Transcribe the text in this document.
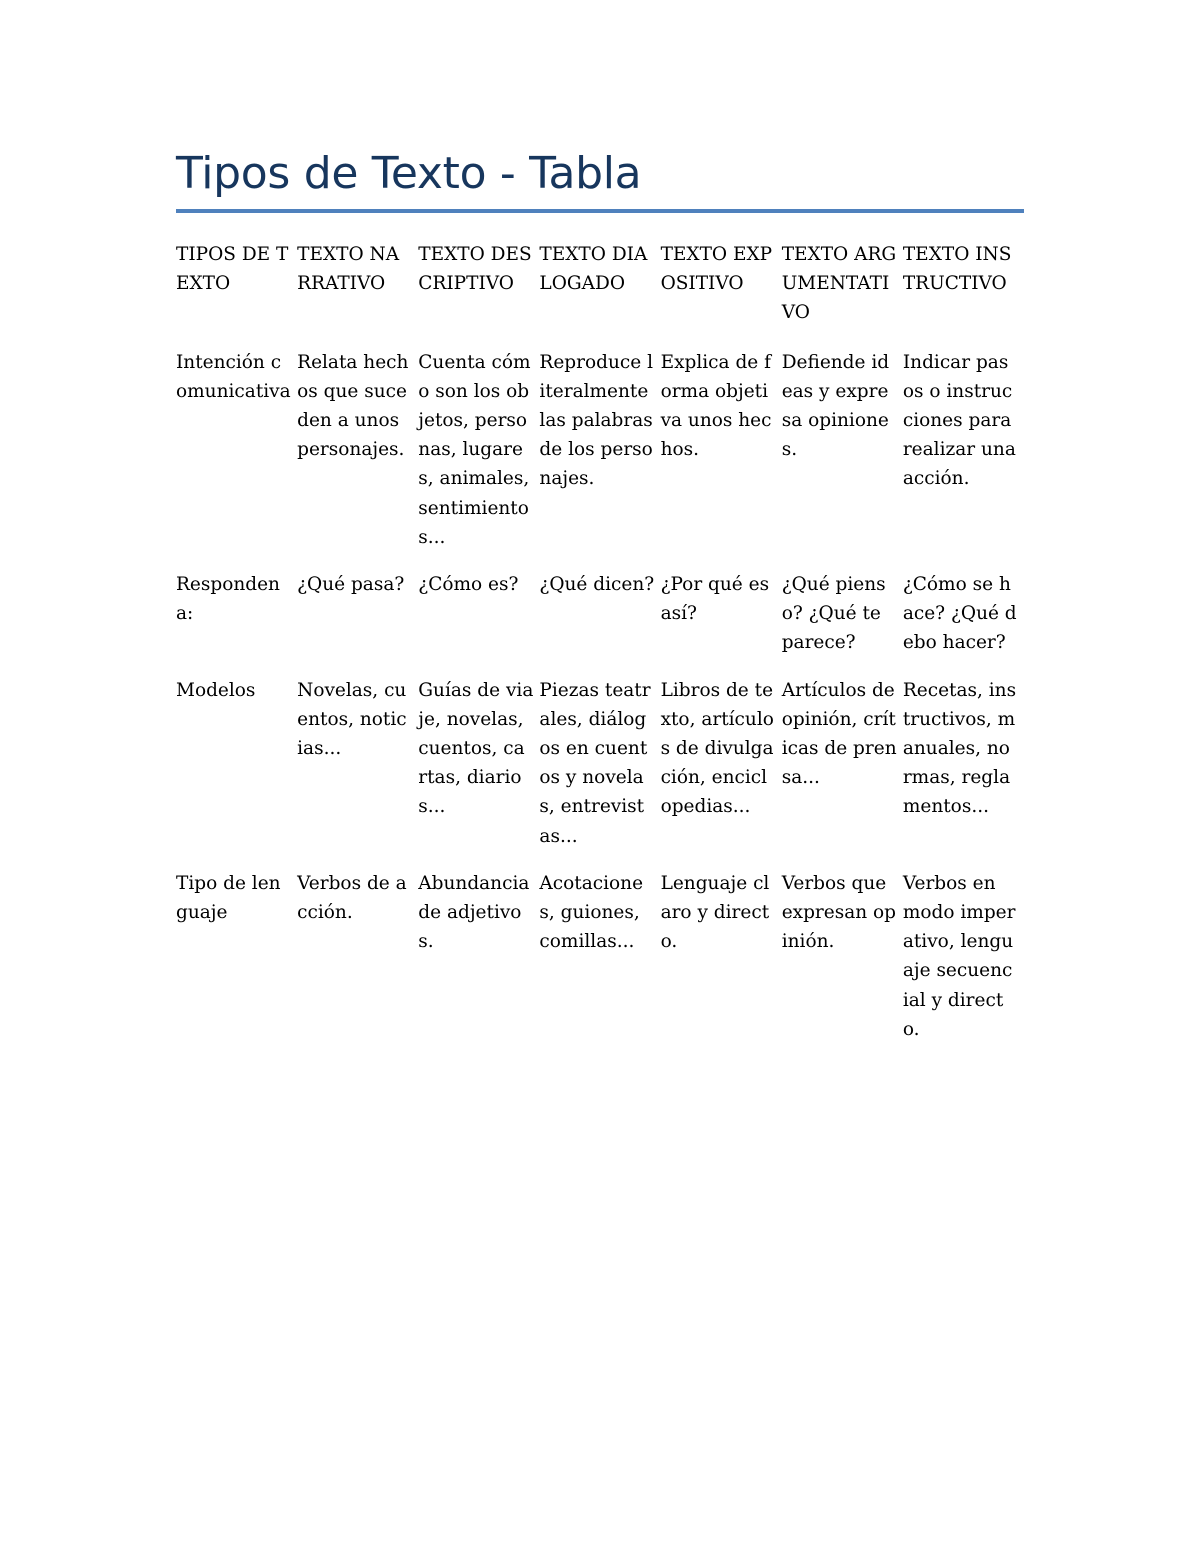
Tipos de Texto - Tabla
TIPOS DE TEXTO	TEXTO NARRATIVO	TEXTO DESCRIPTIVO	TEXTO DIALOGADO	TEXTO EXPOSITIVO	TEXTO ARGUMENTATIVO	TEXTO INSTRUCTIVO
Intención comunicativa	Relata hechos que suceden a unos personajes.	Cuenta cómo son los objetos, personas, lugares, animales, sentimientos...	Reproduce literalmente las palabras de los personajes.	Explica de forma objetiva unos hechos.	Defiende ideas y expresa opiniones.	Indicar pasos o instrucciones para realizar una acción.
Responden a:	¿Qué pasa?	¿Cómo es?	¿Qué dicen?	¿Por qué es así?	¿Qué pienso? ¿Qué te parece?	¿Cómo se hace? ¿Qué debo hacer?
Modelos	Novelas, cuentos, noticias...	Guías de viaje, novelas, cuentos, cartas, diarios...	Piezas teatrales, diálogos en cuentos y novelas, entrevistas...	Libros de texto, artículos de divulgación, enciclopedias...	Artículos de opinión, críticas de prensa...	Recetas, instructivos, manuales, normas, reglamentos...
Tipo de lenguaje	Verbos de acción.	Abundancia de adjetivos.	Acotaciones, guiones, comillas...	Lenguaje claro y directo.	Verbos que expresan opinión.	Verbos en modo imperativo, lenguaje secuencial y directo.
